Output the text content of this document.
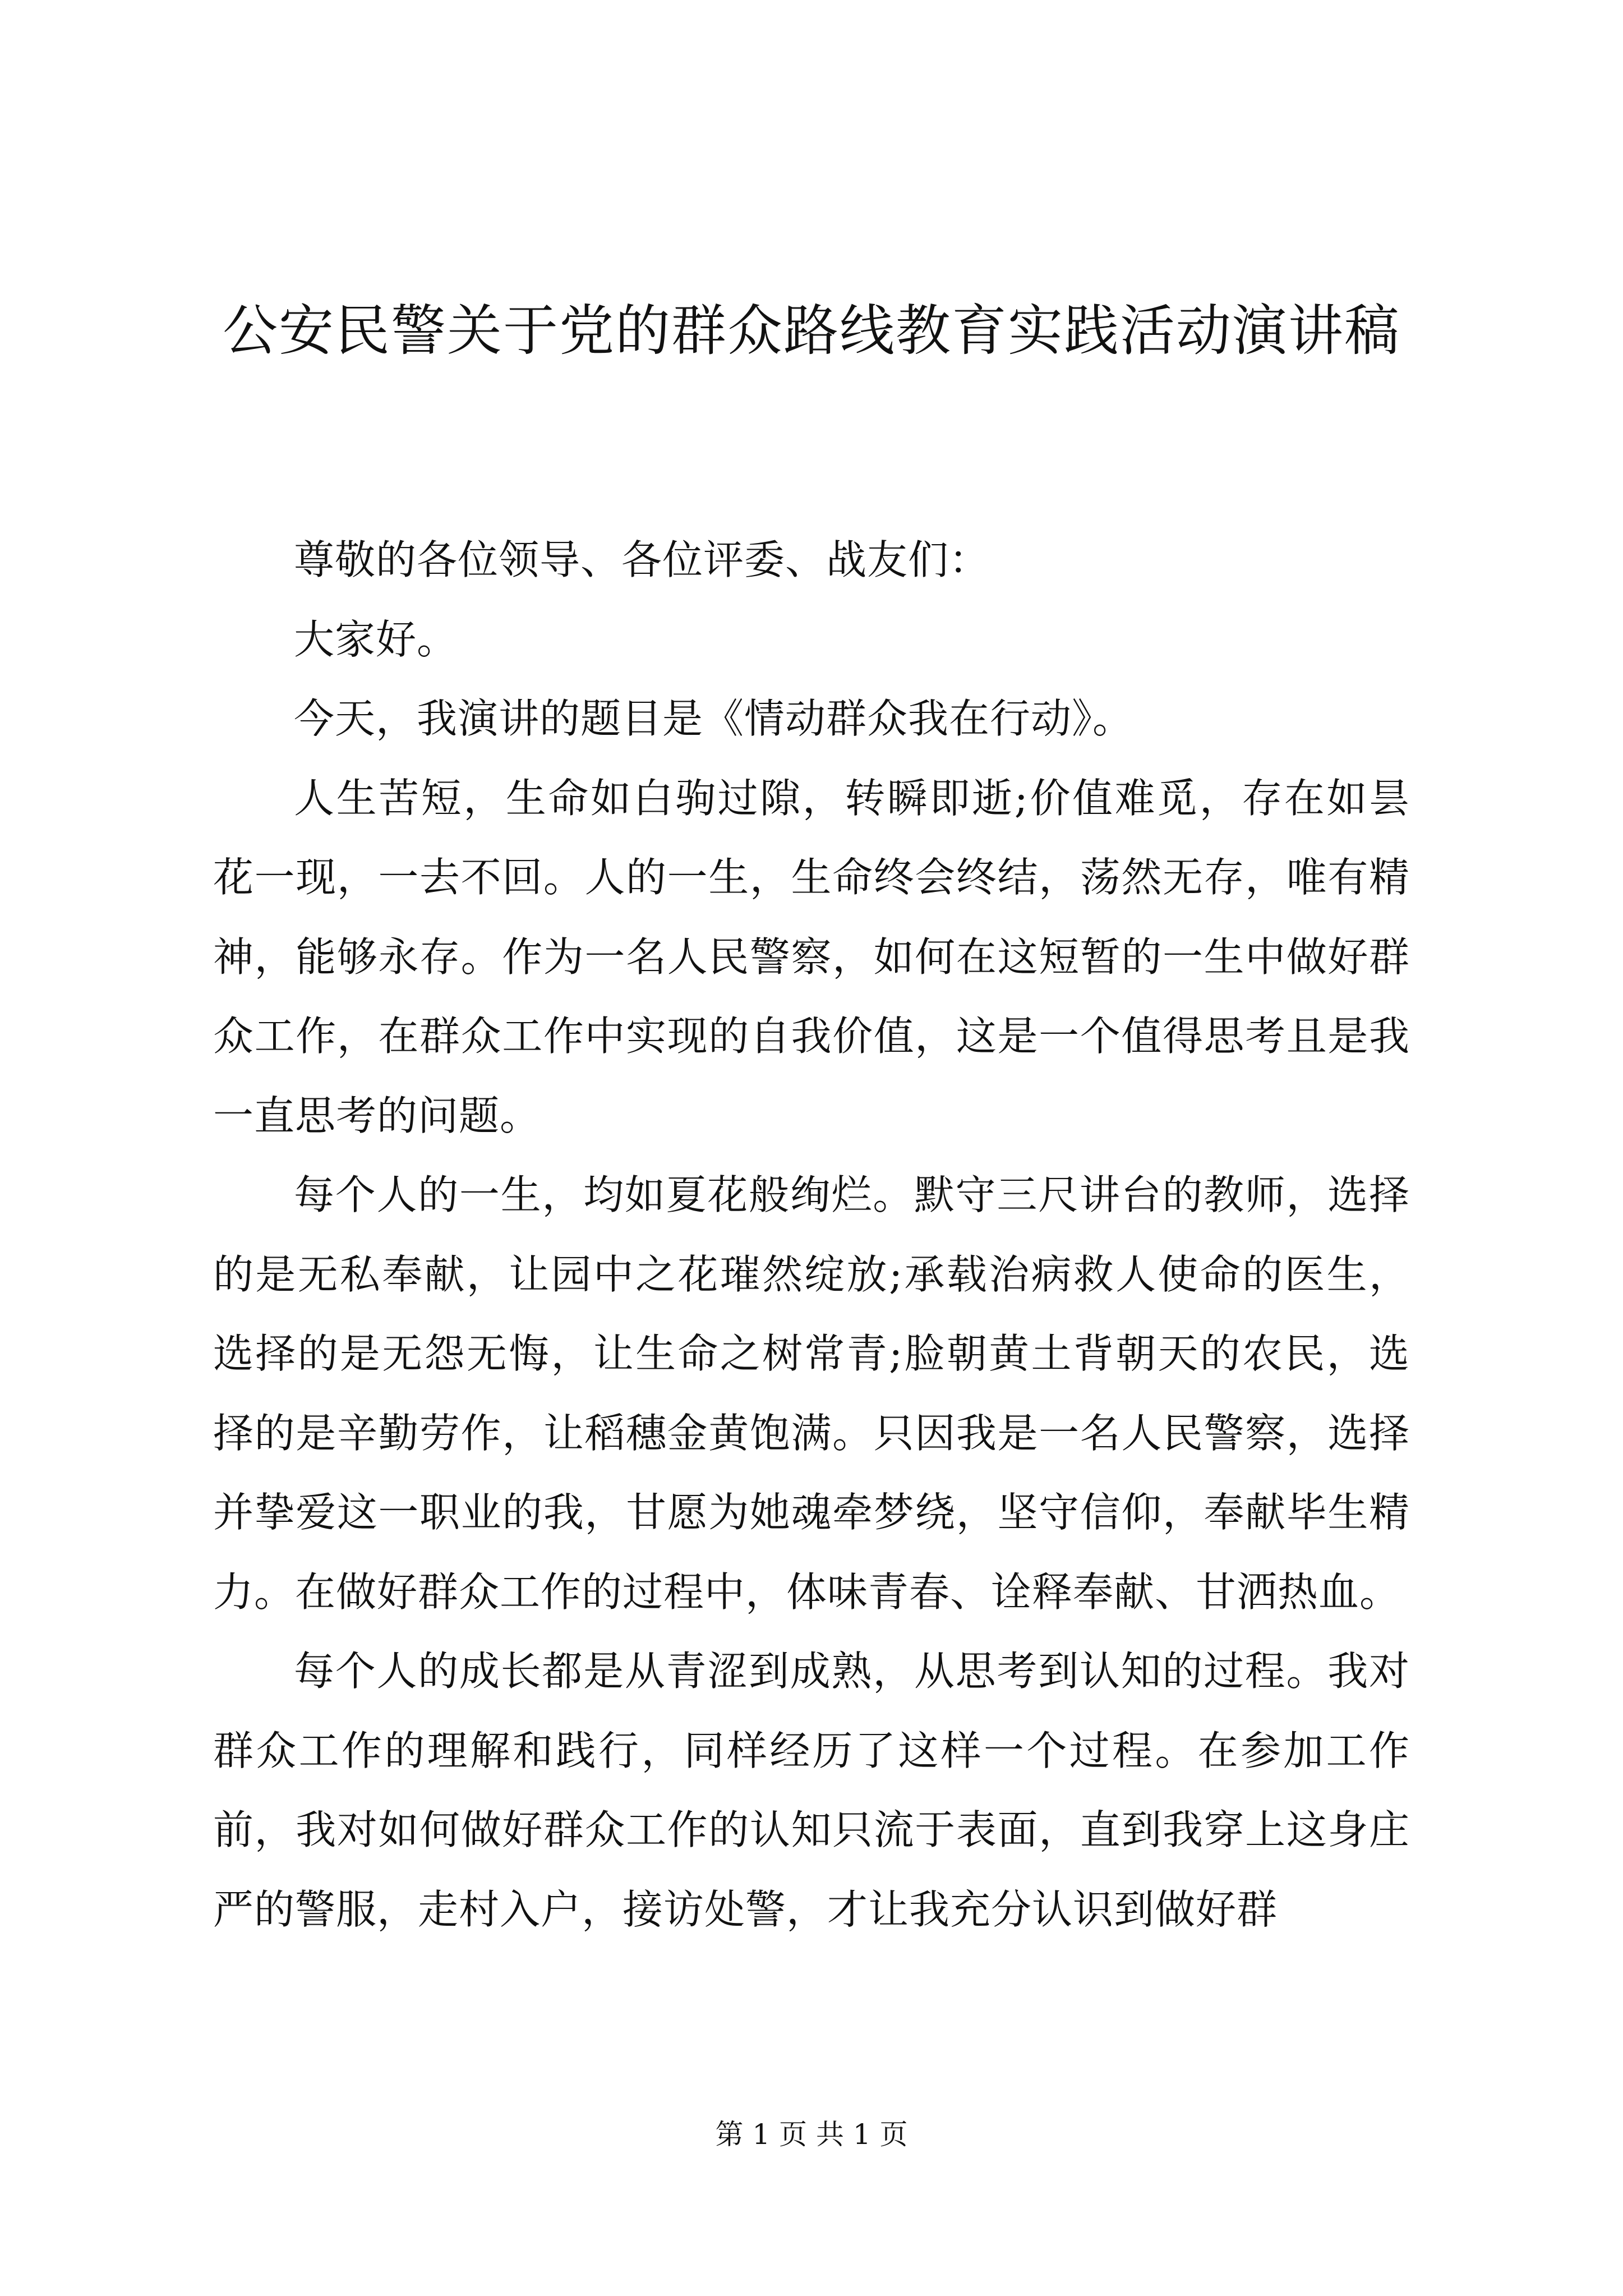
公安民警关于党的群众路线教育实践活动演讲稿

尊敬的各位领导、各位评委、战友们：

大家好。

今天，我演讲的题目是《情动群众我在行动》。

人生苦短，生命如白驹过隙，转瞬即逝;价值难觅，存在如昙花一现，一去不回。人的一生，生命终会终结，荡然无存，唯有精神，能够永存。作为一名人民警察，如何在这短暂的一生中做好群众工作，在群众工作中实现的自我价值，这是一个值得思考且是我一直思考的问题。

每个人的一生，均如夏花般绚烂。默守三尺讲台的教师，选择的是无私奉献，让园中之花璀然绽放;承载治病救人使命的医生，选择的是无怨无悔，让生命之树常青;脸朝黄土背朝天的农民，选择的是辛勤劳作，让稻穗金黄饱满。只因我是一名人民警察，选择并挚爱这一职业的我，甘愿为她魂牵梦绕，坚守信仰，奉献毕生精力。在做好群众工作的过程中，体味青春、诠释奉献、甘洒热血。

每个人的成长都是从青涩到成熟，从思考到认知的过程。我对群众工作的理解和践行，同样经历了这样一个过程。在参加工作前，我对如何做好群众工作的认知只流于表面，直到我穿上这身庄严的警服，走村入户，接访处警，才让我充分认识到做好群

第 1 页 共 1 页
